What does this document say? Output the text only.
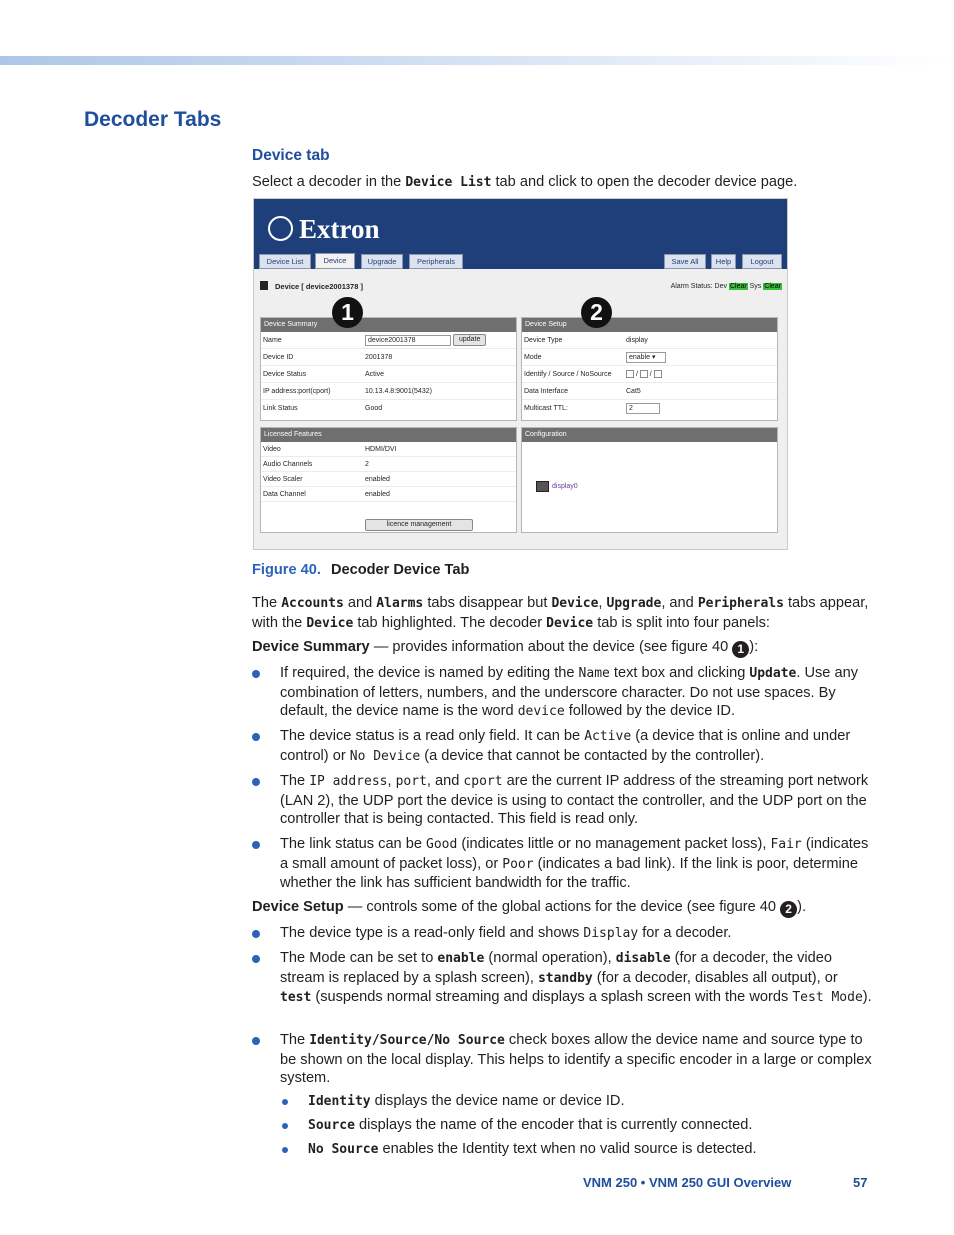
Decoder Tabs
Device tab
Select a decoder in the Device List tab and click to open the decoder device page.
Extron
Device List	Device	Upgrade	Peripherals	Save All	Help	Logout
Device [ device2001378 ]	Alarm Status: Dev Clear Sys Clear
Device Summary
Name	device2001378	update
Device ID	2001378
Device Status	Active
IP address:port(cport)	10.13.4.8:9001(5432)
Link Status	Good
Device Setup
Device Type	display
Mode	enable ▾
Identify / Source / NoSource	/  /
Data Interface	Cat5
Multicast TTL:	2
Licensed Features
Video	HDMI/DVI
Audio Channels	2
Video Scaler	enabled
Data Channel	enabled
licence management
Configuration
display0
1	2
Figure 40. Decoder Device Tab
The Accounts and Alarms tabs disappear but Device, Upgrade, and Peripherals tabs appear, with the Device tab highlighted. The decoder Device tab is split into four panels:
Device Summary — provides information about the device (see figure 40 1 ):
If required, the device is named by editing the Name text box and clicking Update. Use any combination of letters, numbers, and the underscore character. Do not use spaces. By default, the device name is the word device followed by the device ID.
The device status is a read only field. It can be Active (a device that is online and under control) or No Device (a device that cannot be contacted by the controller).
The IP address, port, and cport are the current IP address of the streaming port network (LAN 2), the UDP port the device is using to contact the controller, and the UDP port on the controller that is being contacted. This field is read only.
The link status can be Good (indicates little or no management packet loss), Fair (indicates a small amount of packet loss), or Poor (indicates a bad link). If the link is poor, determine whether the link has sufficient bandwidth for the traffic.
Device Setup — controls some of the global actions for the device (see figure 40 2 ).
The device type is a read-only field and shows Display for a decoder.
The Mode can be set to enable (normal operation), disable (for a decoder, the video stream is replaced by a splash screen), standby (for a decoder, disables all output), or test (suspends normal streaming and displays a splash screen with the words Test Mode).
The Identity/Source/No Source check boxes allow the device name and source type to be shown on the local display. This helps to identify a specific encoder in a large or complex system.
Identity displays the device name or device ID.
Source displays the name of the encoder that is currently connected.
No Source enables the Identity text when no valid source is detected.
VNM 250 • VNM 250 GUI Overview	57
